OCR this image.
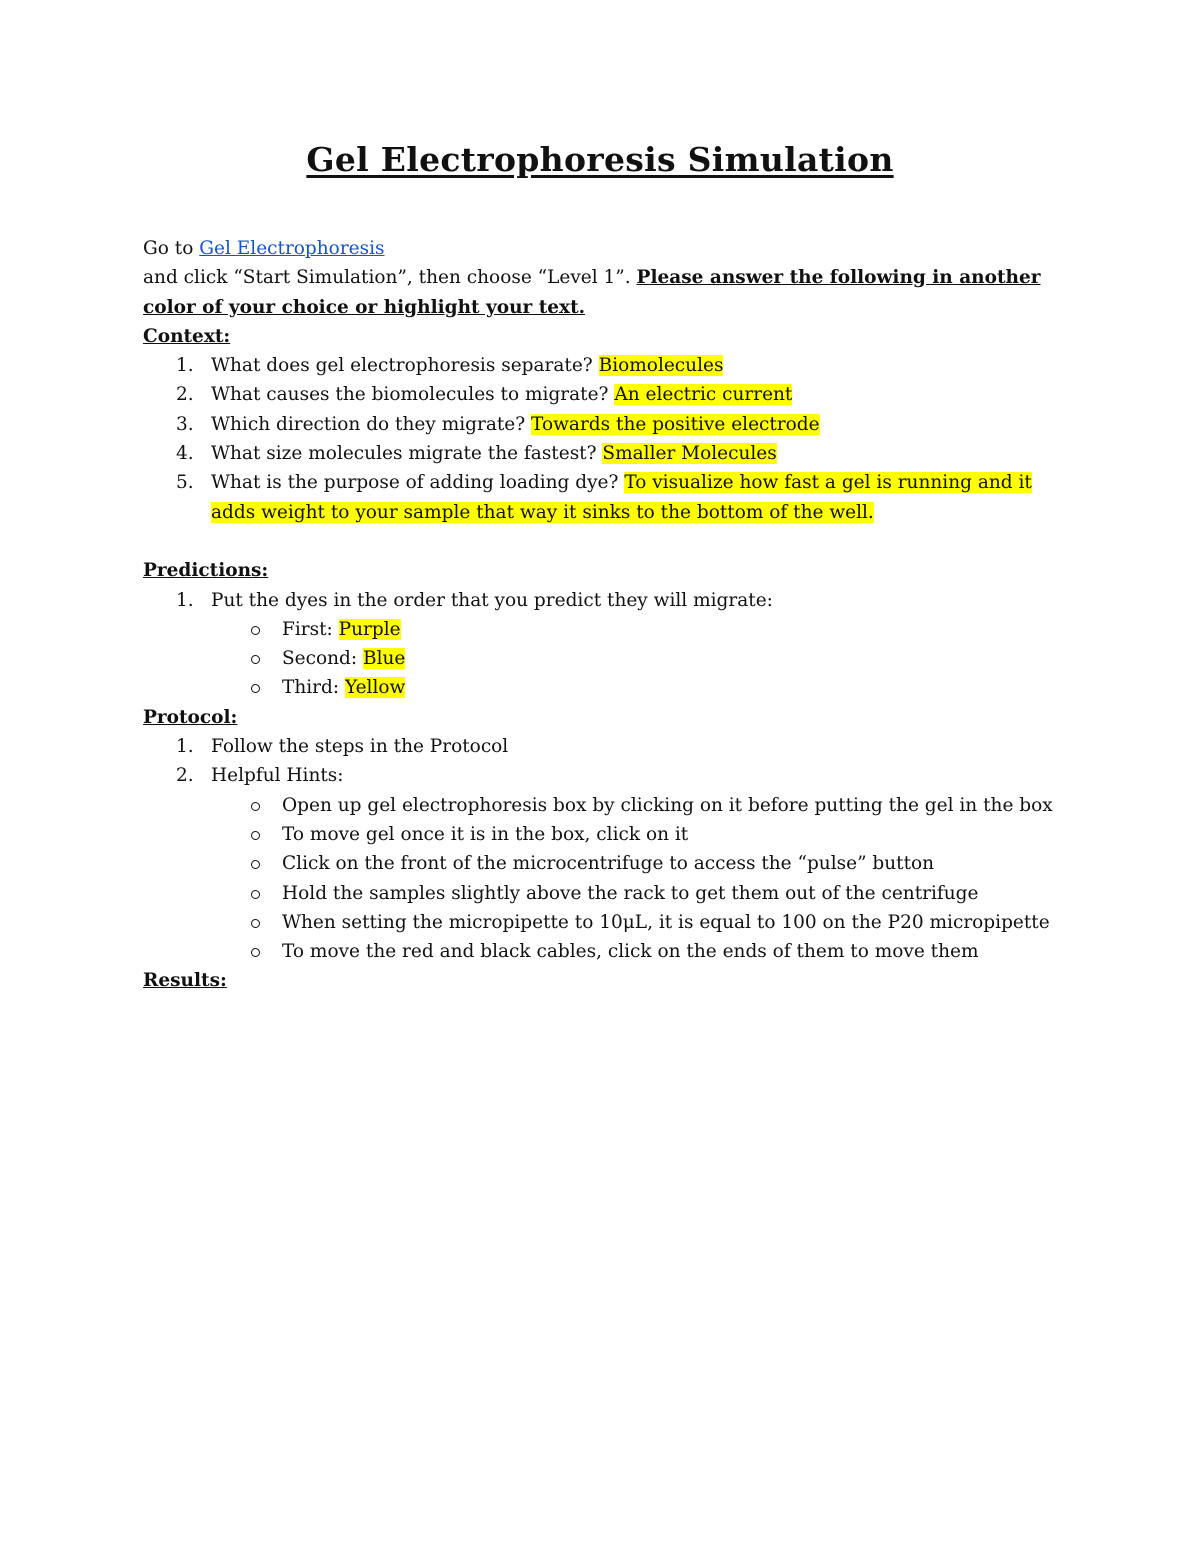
Gel Electrophoresis Simulation

Go to Gel Electrophoresis

and click “Start Simulation”, then choose “Level 1”. Please answer the following in another color of your choice or highlight your text.

Context:

1. What does gel electrophoresis separate? Biomolecules
2. What causes the biomolecules to migrate? An electric current
3. Which direction do they migrate? Towards the positive electrode
4. What size molecules migrate the fastest? Smaller Molecules
5. What is the purpose of adding loading dye? To visualize how fast a gel is running and it adds weight to your sample that way it sinks to the bottom of the well.

Predictions:

1. Put the dyes in the order that you predict they will migrate:
First: Purple
Second: Blue
Third: Yellow

Protocol:

1. Follow the steps in the Protocol
2. Helpful Hints:
Open up gel electrophoresis box by clicking on it before putting the gel in the box
To move gel once it is in the box, click on it
Click on the front of the microcentrifuge to access the “pulse” button
Hold the samples slightly above the rack to get them out of the centrifuge
When setting the micropipette to 10μL, it is equal to 100 on the P20 micropipette
To move the red and black cables, click on the ends of them to move them

Results:
